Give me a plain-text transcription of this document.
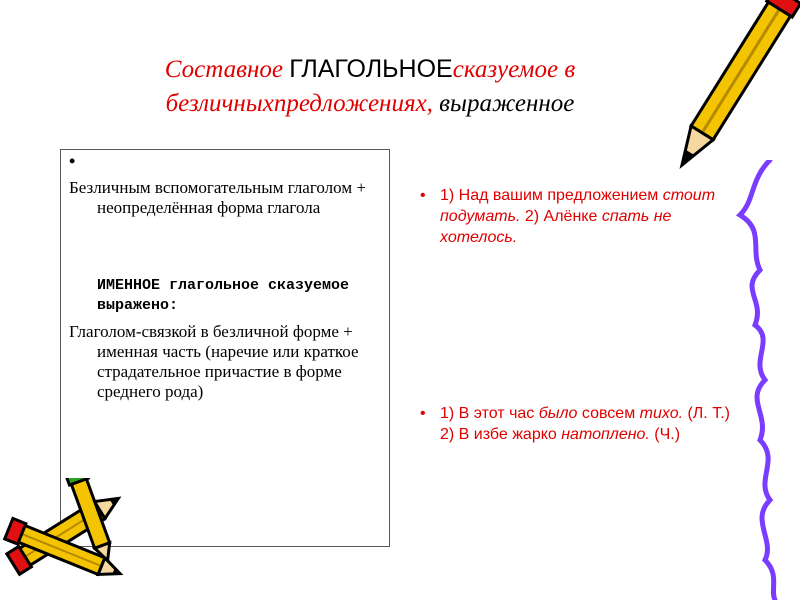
Составное ГЛАГОЛЬНОЕсказуемое в безличныхпредложениях, выраженное
•
Безличным вспомогательным глаголом + неопределённая форма глагола
ИМЕННОЕ глагольное сказуемое выражено:
Глаголом-связкой в безличной форме + именная часть (наречие или краткое страдательное причастие в форме среднего рода)
• 1) Над вашим предложением стоит подумать. 2) Алёнке спать не хотелось.
• 1) В этот час было совсем тихо. (Л. Т.) 2) В избе жарко натоплено. (Ч.)
